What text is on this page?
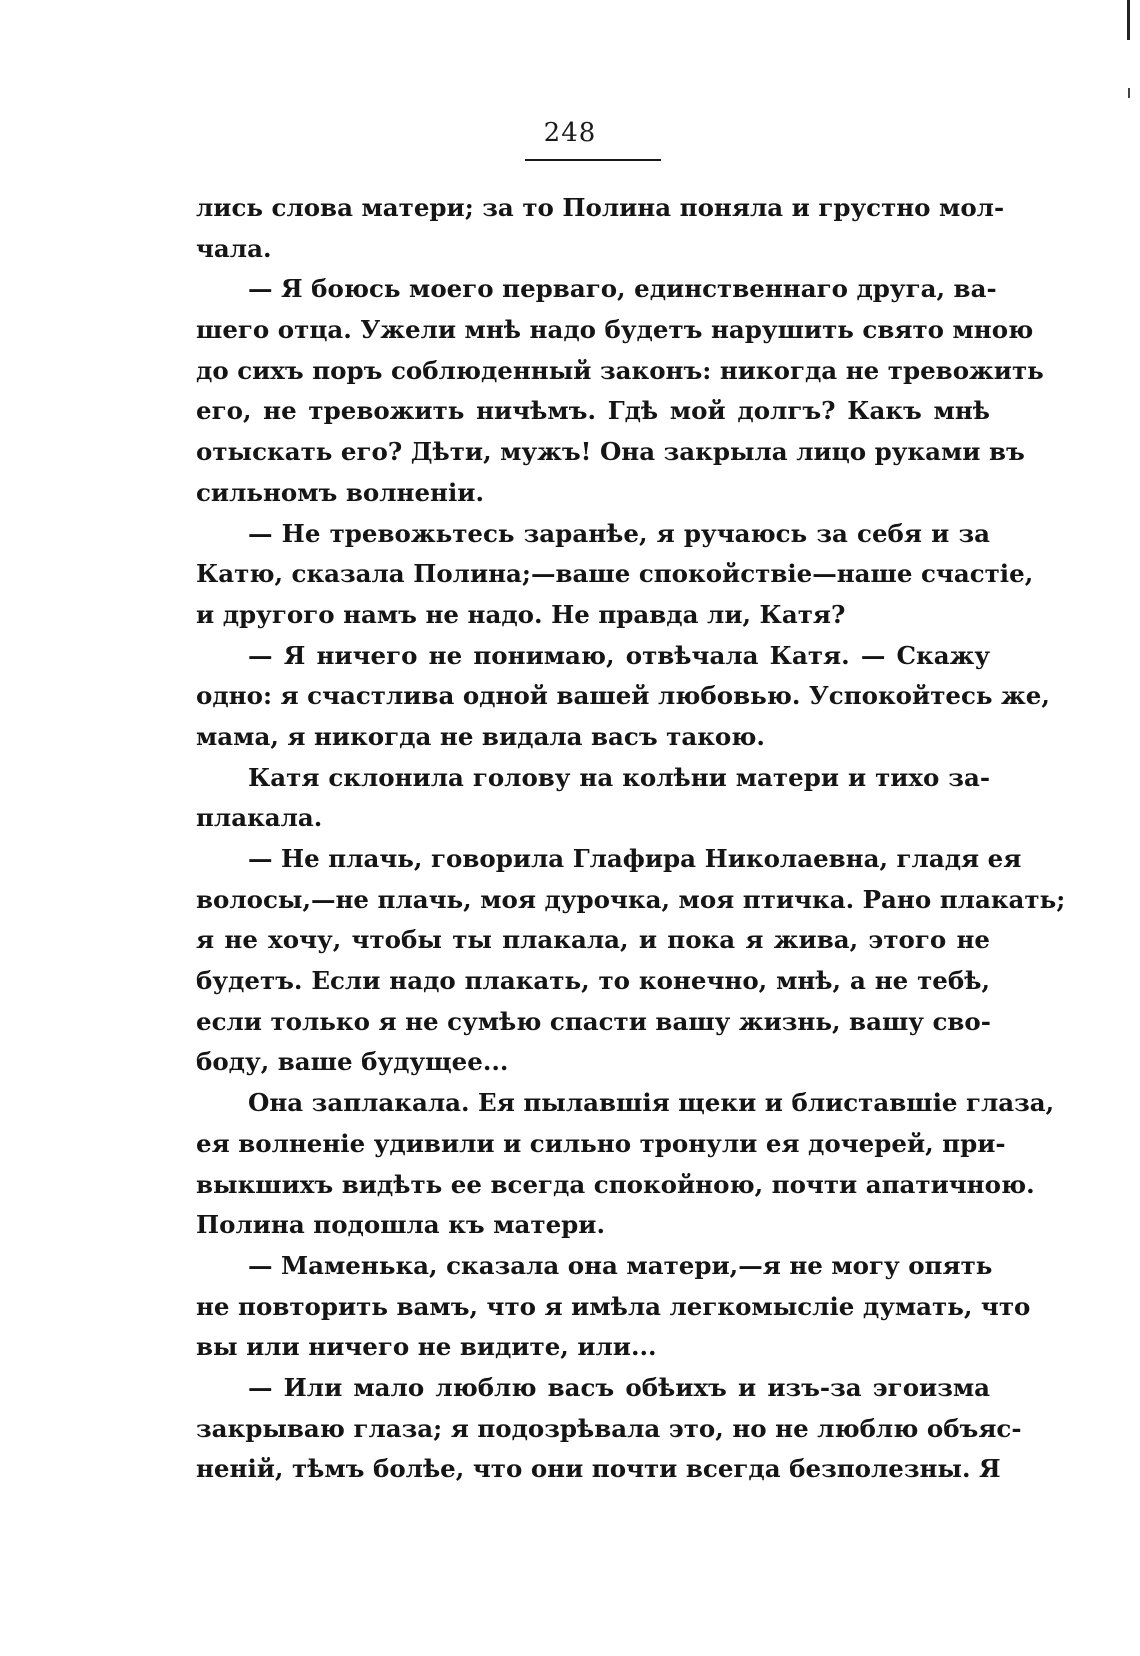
248
лись слова матери; за то Полина поняла и грустно мол-
чала.
— Я боюсь моего перваго, единственнаго друга, ва-
шего отца. Ужели мнѣ надо будетъ нарушить свято мною
до сихъ поръ соблюденный законъ: никогда не тревожить
его, не тревожить ничѣмъ. Гдѣ мой долгъ? Какъ мнѣ
отыскать его? Дѣти, мужъ! Она закрыла лицо руками въ
сильномъ волненіи.
— Не тревожьтесь заранѣе, я ручаюсь за себя и за
Катю, сказала Полина;—ваше спокойствіе—наше счастіе,
и другого намъ не надо. Не правда ли, Катя?
— Я ничего не понимаю, отвѣчала Катя. — Скажу
одно: я счастлива одной вашей любовью. Успокойтесь же,
мама, я никогда не видала васъ такою.
Катя склонила голову на колѣни матери и тихо за-
плакала.
— Не плачь, говорила Глафира Николаевна, гладя ея
волосы,—не плачь, моя дурочка, моя птичка. Рано плакать;
я не хочу, чтобы ты плакала, и пока я жива, этого не
будетъ. Если надо плакать, то конечно, мнѣ, а не тебѣ,
если только я не сумѣю спасти вашу жизнь, вашу сво-
боду, ваше будущее...
Она заплакала. Ея пылавшія щеки и блиставшіе глаза,
ея волненіе удивили и сильно тронули ея дочерей, при-
выкшихъ видѣть ее всегда спокойною, почти апатичною.
Полина подошла къ матери.
— Маменька, сказала она матери,—я не могу опять
не повторить вамъ, что я имѣла легкомысліе думать, что
вы или ничего не видите, или...
— Или мало люблю васъ обѣихъ и изъ-за эгоизма
закрываю глаза; я подозрѣвала это, но не люблю объяс-
неній, тѣмъ болѣе, что они почти всегда безполезны. Я
